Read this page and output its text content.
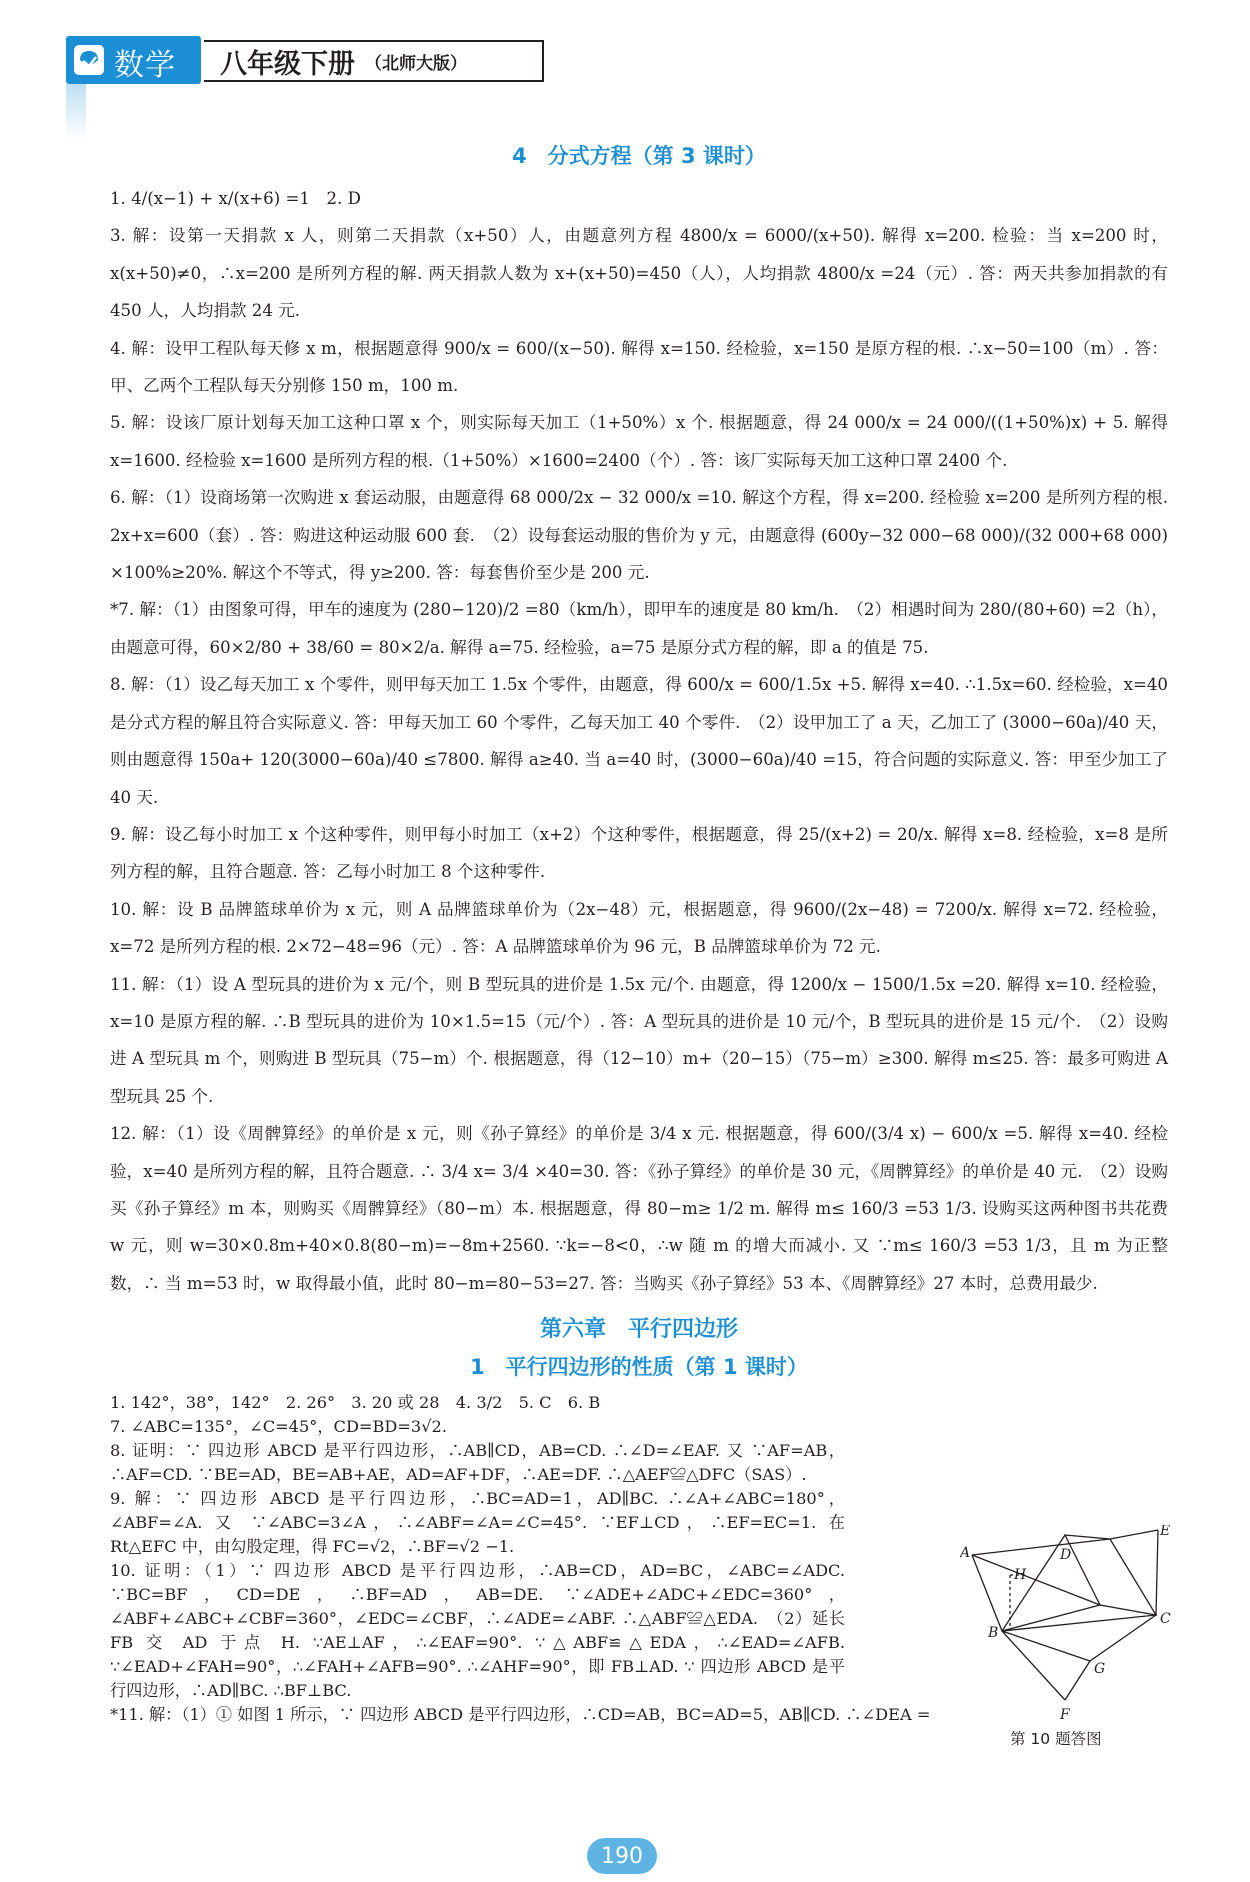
数学 八年级下册 （北师大版）
4　分式方程（第 3 课时）

1. 4/(x−1) + x/(x+6) =1　2. D

3. 解：设第一天捐款 x 人，则第二天捐款（x+50）人，由题意列方程 4800/x = 6000/(x+50). 解得 x=200. 检验：当 x=200 时，x(x+50)≠0，∴x=200 是所列方程的解. 两天捐款人数为 x+(x+50)=450（人），人均捐款 4800/x =24（元）. 答：两天共参加捐款的有 450 人，人均捐款 24 元.

4. 解：设甲工程队每天修 x m，根据题意得 900/x = 600/(x−50). 解得 x=150. 经检验，x=150 是原方程的根. ∴x−50=100（m）. 答：甲、乙两个工程队每天分别修 150 m，100 m.

5. 解：设该厂原计划每天加工这种口罩 x 个，则实际每天加工（1+50%）x 个. 根据题意，得 24 000/x = 24 000/((1+50%)x) + 5. 解得 x=1600. 经检验 x=1600 是所列方程的根.（1+50%）×1600=2400（个）. 答：该厂实际每天加工这种口罩 2400 个.

6. 解：（1）设商场第一次购进 x 套运动服，由题意得 68 000/2x − 32 000/x =10. 解这个方程，得 x=200. 经检验 x=200 是所列方程的根. 2x+x=600（套）. 答：购进这种运动服 600 套.　（2）设每套运动服的售价为 y 元，由题意得 (600y−32 000−68 000)/(32 000+68 000) ×100%≥20%. 解这个不等式，得 y≥200. 答：每套售价至少是 200 元.

*7. 解：（1）由图象可得，甲车的速度为 (280−120)/2 =80（km/h），即甲车的速度是 80 km/h.　（2）相遇时间为 280/(80+60) =2（h），由题意可得，60×2/80 + 38/60 = 80×2/a. 解得 a=75. 经检验，a=75 是原分式方程的解，即 a 的值是 75.

8. 解：（1）设乙每天加工 x 个零件，则甲每天加工 1.5x 个零件，由题意，得 600/x = 600/1.5x +5. 解得 x=40. ∴1.5x=60. 经检验，x=40 是分式方程的解且符合实际意义. 答：甲每天加工 60 个零件，乙每天加工 40 个零件.　（2）设甲加工了 a 天，乙加工了 (3000−60a)/40 天，则由题意得 150a+ 120(3000−60a)/40 ≤7800. 解得 a≥40. 当 a=40 时，(3000−60a)/40 =15，符合问题的实际意义. 答：甲至少加工了 40 天.

9. 解：设乙每小时加工 x 个这种零件，则甲每小时加工（x+2）个这种零件，根据题意，得 25/(x+2) = 20/x. 解得 x=8. 经检验，x=8 是所列方程的解，且符合题意. 答：乙每小时加工 8 个这种零件.

10. 解：设 B 品牌篮球单价为 x 元，则 A 品牌篮球单价为（2x−48）元，根据题意，得 9600/(2x−48) = 7200/x. 解得 x=72. 经检验，x=72 是所列方程的根. 2×72−48=96（元）. 答：A 品牌篮球单价为 96 元，B 品牌篮球单价为 72 元.

11. 解：（1）设 A 型玩具的进价为 x 元/个，则 B 型玩具的进价是 1.5x 元/个. 由题意，得 1200/x − 1500/1.5x =20. 解得 x=10. 经检验，x=10 是原方程的解. ∴B 型玩具的进价为 10×1.5=15（元/个）. 答：A 型玩具的进价是 10 元/个，B 型玩具的进价是 15 元/个.　（2）设购进 A 型玩具 m 个，则购进 B 型玩具（75−m）个. 根据题意，得（12−10）m+（20−15）（75−m）≥300. 解得 m≤25. 答：最多可购进 A 型玩具 25 个.

12. 解：（1）设《周髀算经》的单价是 x 元，则《孙子算经》的单价是 3/4 x 元. 根据题意，得 600/(3/4 x) − 600/x =5. 解得 x=40. 经检验，x=40 是所列方程的解，且符合题意. ∴ 3/4 x= 3/4 ×40=30. 答：《孙子算经》的单价是 30 元，《周髀算经》的单价是 40 元.　（2）设购买《孙子算经》m 本，则购买《周髀算经》（80−m）本. 根据题意，得 80−m≥ 1/2 m. 解得 m≤ 160/3 =53 1/3. 设购买这两种图书共花费 w 元，则 w=30×0.8m+40×0.8(80−m)=−8m+2560. ∵k=−8<0，∴w 随 m 的增大而减小. 又 ∵m≤ 160/3 =53 1/3，且 m 为正整数，∴ 当 m=53 时，w 取得最小值，此时 80−m=80−53=27. 答：当购买《孙子算经》53 本、《周髀算经》27 本时，总费用最少.

第六章　平行四边形
1　平行四边形的性质（第 1 课时）

1. 142°，38°，142°　2. 26°　3. 20 或 28　4. 3/2　5. C　6. B

7. ∠ABC=135°，∠C=45°，CD=BD=3√2.

8. 证明：∵ 四边形 ABCD 是平行四边形，∴AB∥CD，AB=CD. ∴∠D=∠EAF. 又 ∵AF=AB，∴AF=CD. ∵BE=AD，BE=AB+AE，AD=AF+DF，∴AE=DF. ∴△AEF≌△DFC（SAS）.

9. 解：∵ 四边形 ABCD 是平行四边形，∴BC=AD=1，AD∥BC. ∴∠A+∠ABC=180°，∠ABF=∠A. 又 ∵∠ABC=3∠A，∴∠ABF=∠A=∠C=45°. ∵EF⊥CD，∴EF=EC=1. 在 Rt△EFC 中，由勾股定理，得 FC=√2，∴BF=√2 −1.

10. 证明：（1）∵ 四边形 ABCD 是平行四边形，∴AB=CD，AD=BC，∠ABC=∠ADC. ∵BC=BF，CD=DE，∴BF=AD，AB=DE. ∵∠ADE+∠ADC+∠EDC=360°，∠ABF+∠ABC+∠CBF=360°，∠EDC=∠CBF，∴∠ADE=∠ABF. ∴△ABF≌△EDA.　（2）延长 FB 交 AD 于点 H. ∵AE⊥AF，∴∠EAF=90°. ∵△ABF≌△EDA，∴∠EAD=∠AFB. ∵∠EAD+∠FAH=90°，∴∠FAH+∠AFB=90°. ∴∠AHF=90°，即 FB⊥AD. ∵ 四边形 ABCD 是平行四边形，∴AD∥BC. ∴BF⊥BC.

*11. 解：（1）① 如图 1 所示，∵ 四边形 ABCD 是平行四边形，∴CD=AB，BC=AD=5，AB∥CD. ∴∠DEA =

A
B
C
D
E
F
G
H
第 10 题答图
190
